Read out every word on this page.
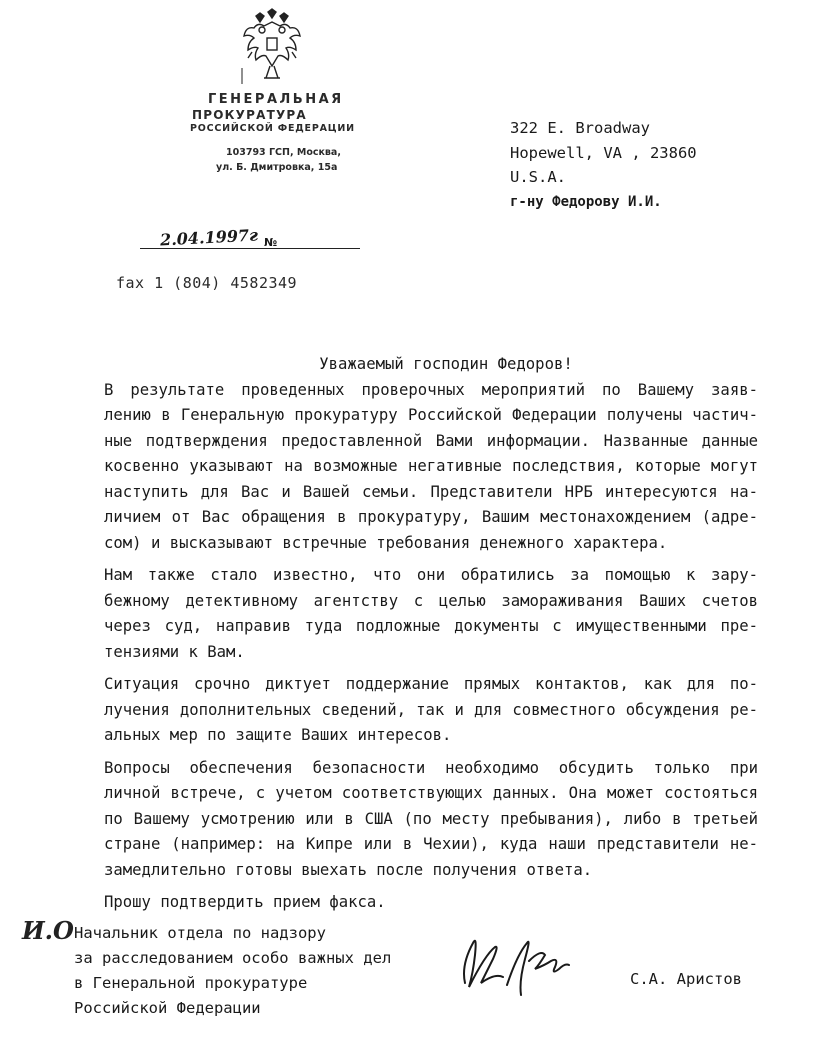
ГЕНЕРАЛЬНАЯ
ПРОКУРАТУРА
РОССИЙСКОЙ ФЕДЕРАЦИИ
103793 ГСП, Москва,
ул. Б. Дмитровка, 15а
322 E. Broadway
Hopewell, VA , 23860
U.S.A.
г-ну Федорову И.И.
2.04.1997г №
fax 1 (804) 4582349

Уважаемый господин Федоров!

В результате проведенных проверочных мероприятий по Вашему заяв-
лению в Генеральную прокуратуру Российской Федерации получены частич-
ные подтверждения предоставленной Вами информации. Названные данные
косвенно указывают на возможные негативные последствия, которые могут
наступить для Вас и Вашей семьи. Представители НРБ интересуются на-
личием от Вас обращения в прокуратуру, Вашим местонахождением (адре-
сом) и высказывают встречные требования денежного характера.

Нам также стало известно, что они обратились за помощью к зару-
бежному детективному агентству с целью замораживания Ваших счетов
через суд, направив туда подложные документы с имущественными пре-
тензиями к Вам.

Ситуация срочно диктует поддержание прямых контактов, как для по-
лучения дополнительных сведений, так и для совместного обсуждения ре-
альных мер по защите Ваших интересов.

Вопросы обеспечения безопасности необходимо обсудить только при
личной встрече, с учетом соответствующих данных. Она может состояться
по Вашему усмотрению или в США (по месту пребывания), либо в третьей
стране (например: на Кипре или в Чехии), куда наши представители не-
замедлительно готовы выехать после получения ответа.

Прошу подтвердить прием факса.

И.О Начальник отдела по надзору
за расследованием особо важных дел
в Генеральной прокуратуре
Российской Федерации
С.А. Аристов
